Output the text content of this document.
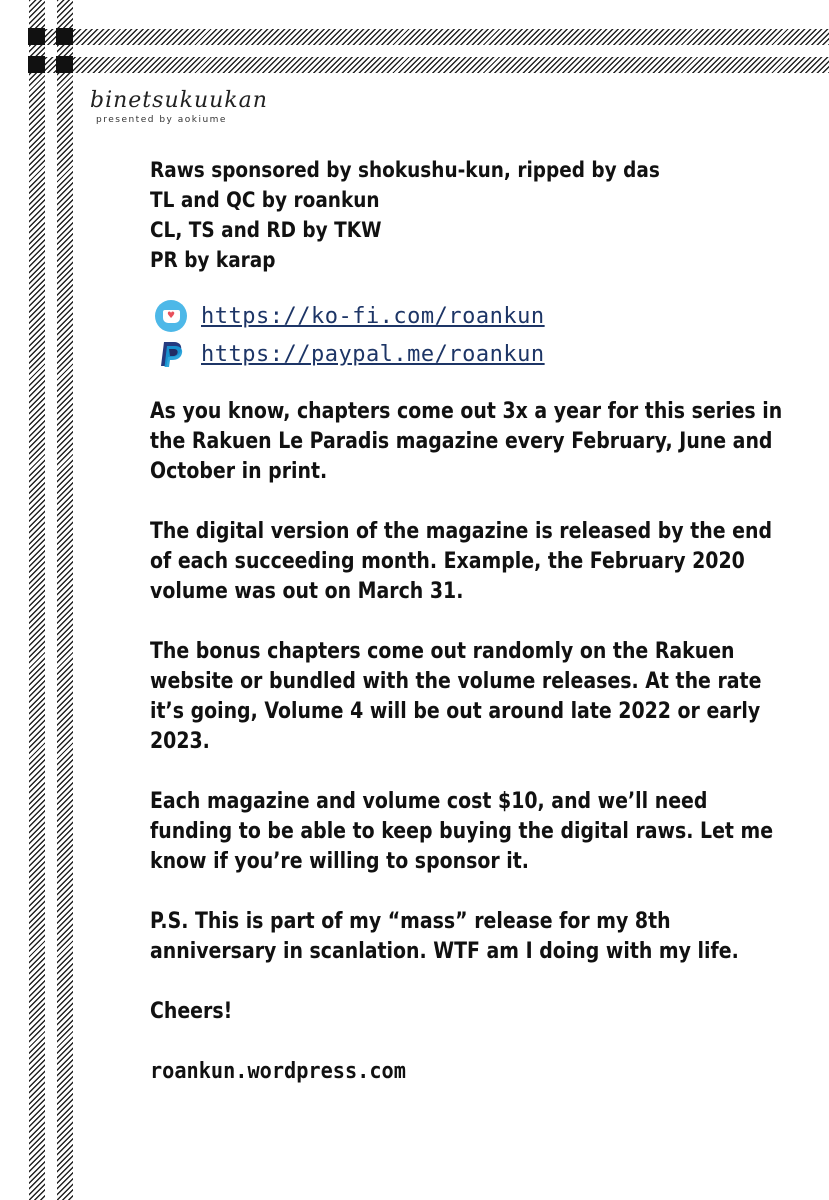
binetsukuukan
presented by aokiume
Raws sponsored by shokushu-kun, ripped by das
TL and QC by roankun
CL, TS and RD by TKW
PR by karap
♥ https://ko-fi.com/roankun
https://paypal.me/roankun
As you know, chapters come out 3x a year for this series in the Rakuen Le Paradis magazine every February, June and October in print.
The digital version of the magazine is released by the end of each succeeding month. Example, the February 2020 volume was out on March 31.
The bonus chapters come out randomly on the Rakuen website or bundled with the volume releases. At the rate it’s going, Volume 4 will be out around late 2022 or early 2023.
Each magazine and volume cost $10, and we’ll need funding to be able to keep buying the digital raws. Let me know if you’re willing to sponsor it.
P.S. This is part of my “mass” release for my 8th anniversary in scanlation. WTF am I doing with my life.
Cheers!
roankun.wordpress.com
